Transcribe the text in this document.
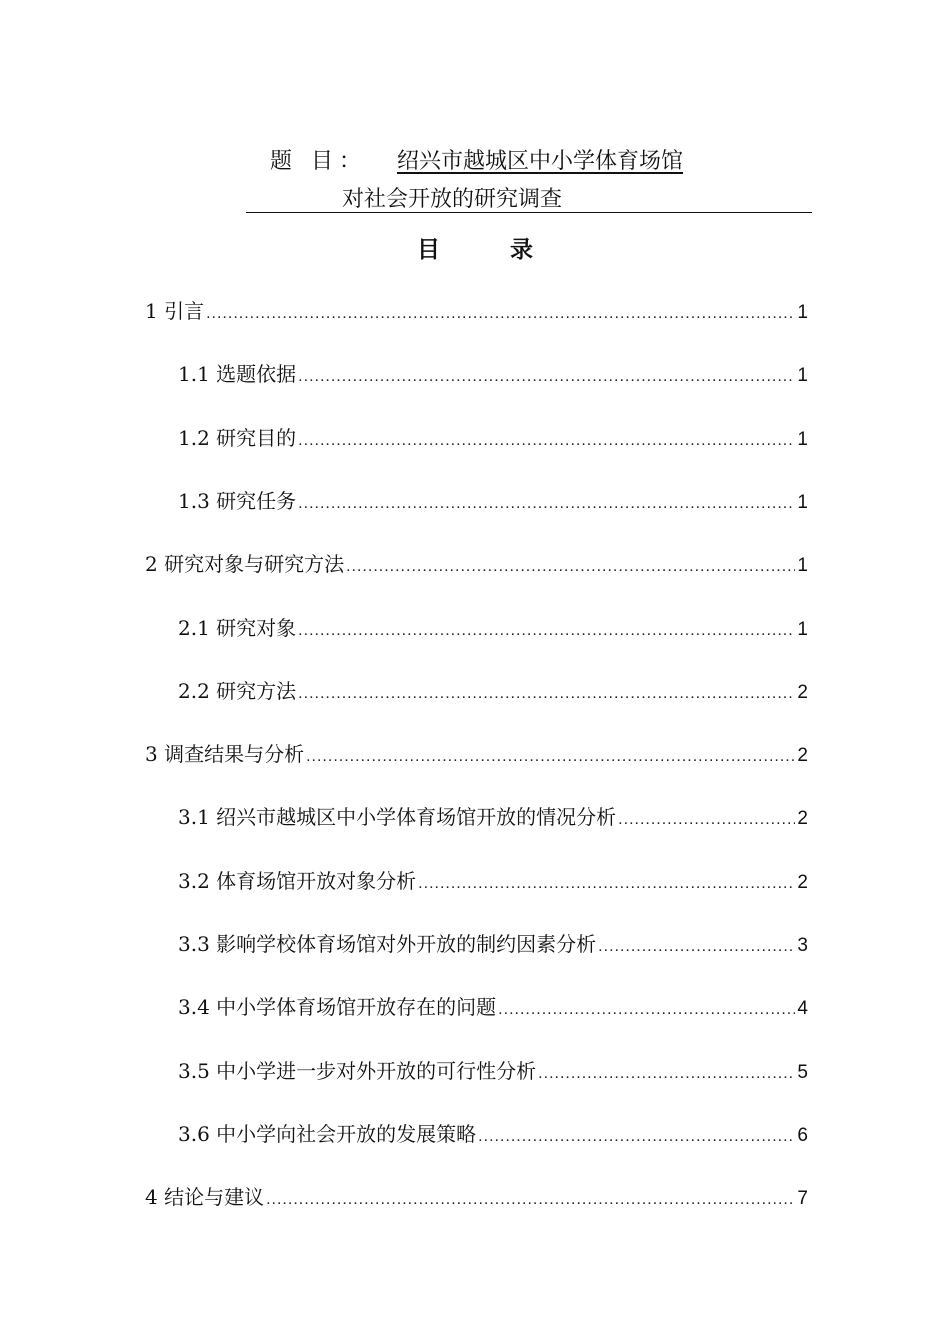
题 目： 绍兴市越城区中小学体育场馆
对社会开放的研究调查
目	录
1 引言 .....	1
1.1 选题依据 .....	1
1.2 研究目的 .....	1
1.3 研究任务 .....	1
2 研究对象与研究方法 .....	1
2.1 研究对象 .....	1
2.2 研究方法 .....	2
3 调查结果与分析 .....	2
3.1 绍兴市越城区中小学体育场馆开放的情况分析 .....	2
3.2 体育场馆开放对象分析 .....	2
3.3 影响学校体育场馆对外开放的制约因素分析 .....	3
3.4 中小学体育场馆开放存在的问题 .....	4
3.5 中小学进一步对外开放的可行性分析 .....	5
3.6 中小学向社会开放的发展策略 .....	6
4 结论与建议 .....	7
